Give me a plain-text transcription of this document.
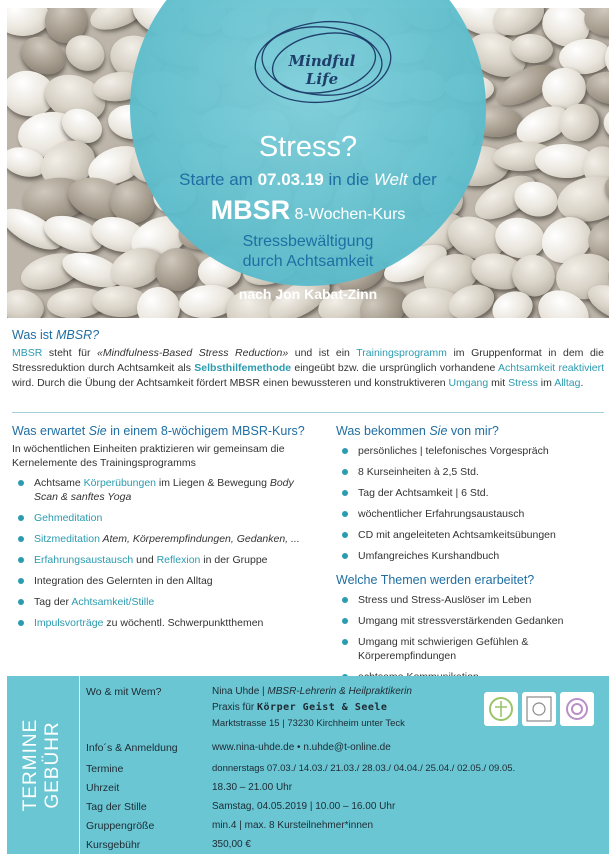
Mindful
Life
Stress?
Starte am 07.03.19 in die Welt der
MBSR 8-Wochen-Kurs
Stressbewältigung
durch Achtsamkeit
nach Jon Kabat-Zinn
Was ist MBSR?
MBSR steht für «Mindfulness-Based Stress Reduction» und ist ein Trainingsprogramm im Gruppenformat in dem die Stressreduktion durch Achtsamkeit als Selbsthilfemethode eingeübt bzw. die ursprünglich vorhandene Achtsamkeit reaktiviert wird. Durch die Übung der Achtsamkeit fördert MBSR einen bewussteren und konstruktiveren Umgang mit Stress im Alltag.
Was erwartet Sie in einem 8-wöchigem MBSR-Kurs?
In wöchentlichen Einheiten praktizieren wir gemeinsam die Kernelemente des Trainingsprogramms
Achtsame Körperübungen im Liegen & Bewegung Body Scan & sanftes Yoga
Gehmeditation
Sitzmeditation Atem, Körperempfindungen, Gedanken, ...
Erfahrungsaustausch und Reflexion in der Gruppe
Integration des Gelernten in den Alltag
Tag der Achtsamkeit/Stille
Impulsvorträge zu wöchentl. Schwerpunktthemen
Was bekommen Sie von mir?
persönliches | telefonisches Vorgespräch
8 Kurseinheiten à 2,5 Std.
Tag der Achtsamkeit | 6 Std.
wöchentlicher Erfahrungsaustausch
CD mit angeleiteten Achtsamkeitsübungen
Umfangreiches Kurshandbuch
Welche Themen werden erarbeitet?
Stress und Stress-Auslöser im Leben
Umgang mit stressverstärkenden Gedanken
Umgang mit schwierigen Gefühlen & Körperempfindungen
TERMINE GEBÜHR
Wo & mit Wem?	Nina Uhde | MBSR-Lehrerin & Heilpraktikerin
Praxis für Körper Geist & Seele
Marktstrasse 15 | 73230 Kirchheim unter Teck
Info´s & Anmeldung	www.nina-uhde.de • n.uhde@t-online.de
Termine	donnerstags 07.03./ 14.03./ 21.03./ 28.03./ 04.04./ 25.04./ 02.05./ 09.05.
Uhrzeit	18.30 – 21.00 Uhr
Tag der Stille	Samstag, 04.05.2019 | 10.00 – 16.00 Uhr
Gruppengröße	min.4 | max. 8 Kursteilnehmer*innen
Kursgebühr	350,00 €
